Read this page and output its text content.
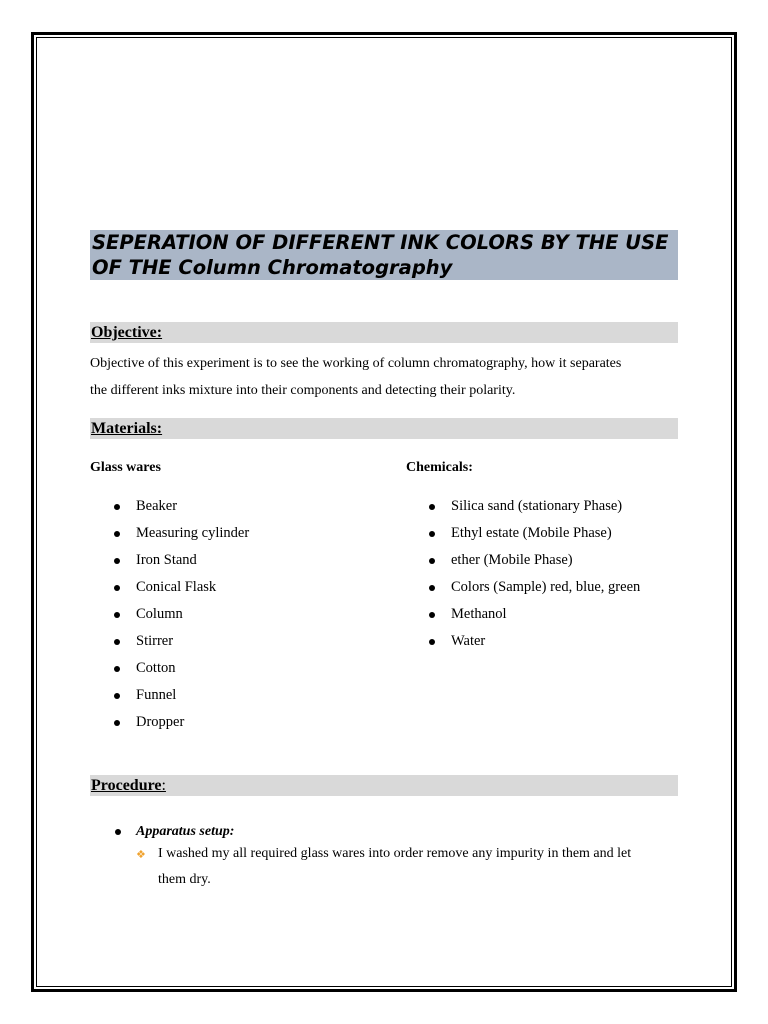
SEPERATION OF DIFFERENT INK COLORS BY THE USE OF THE Column Chromatography
Objective:
Objective of this experiment is to see the working of column chromatography, how it separates
the different inks mixture into their components and detecting their polarity.
Materials:
Glass wares	Chemicals:
Beaker
Measuring cylinder
Iron Stand
Conical Flask
Column
Stirrer
Cotton
Funnel
Dropper
Silica sand (stationary Phase)
Ethyl estate (Mobile Phase)
ether (Mobile Phase)
Colors (Sample) red, blue, green
Methanol
Water
Procedure:
Apparatus setup:
❖ I washed my all required glass wares into order remove any impurity in them and let
them dry.
